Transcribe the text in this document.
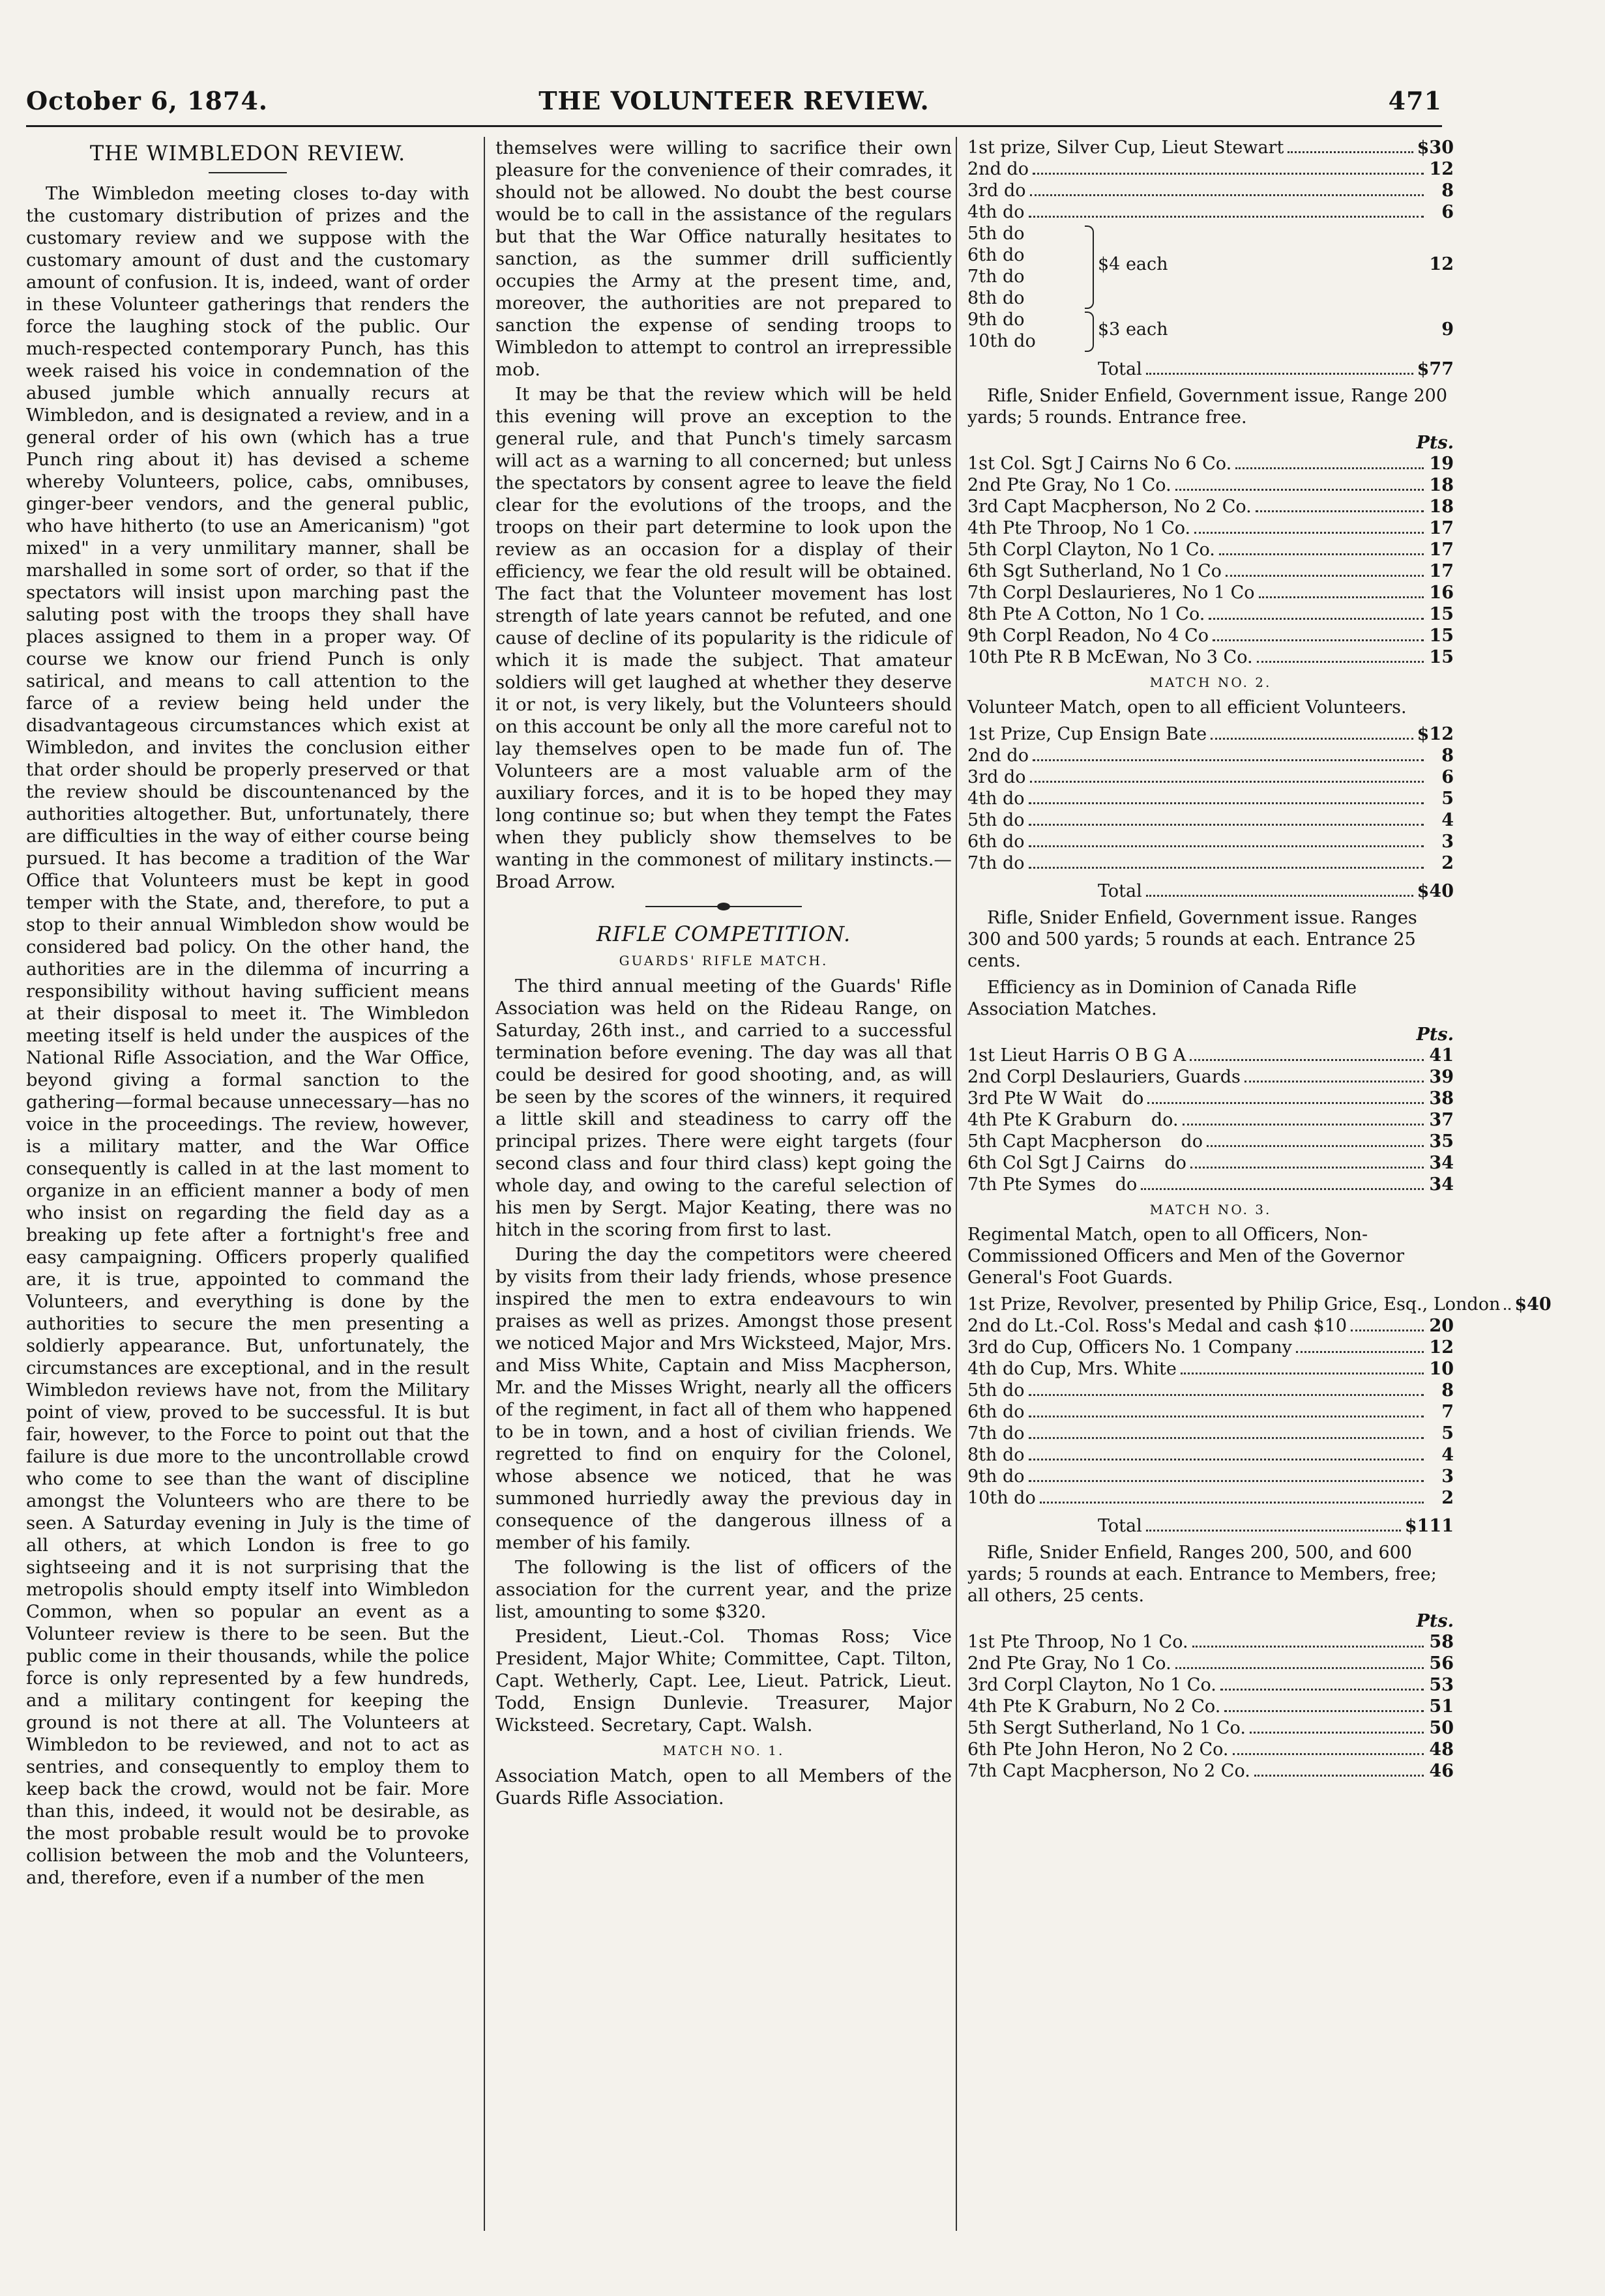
October 6, 1874.	THE VOLUNTEER REVIEW.	471
THE WIMBLEDON REVIEW.

The Wimbledon meeting closes to-day with the customary distribution of prizes and the customary review and we suppose with the customary amount of dust and the customary amount of confusion. It is, indeed, want of order in these Volunteer gatherings that renders the force the laughing stock of the public. Our much-respected contemporary Punch, has this week raised his voice in condemnation of the abused jumble which annually recurs at Wimbledon, and is designated a review, and in a general order of his own (which has a true Punch ring about it) has devised a scheme whereby Volunteers, police, cabs, omnibuses, ginger-beer vendors, and the general public, who have hitherto (to use an Americanism) "got mixed" in a very unmilitary manner, shall be marshalled in some sort of order, so that if the spectators will insist upon marching past the saluting post with the troops they shall have places assigned to them in a proper way. Of course we know our friend Punch is only satirical, and means to call attention to the farce of a review being held under the disadvantageous circumstances which exist at Wimbledon, and invites the conclusion either that order should be properly preserved or that the review should be discountenanced by the authorities altogether. But, unfortunately, there are difficulties in the way of either course being pursued. It has become a tradition of the War Office that Volunteers must be kept in good temper with the State, and, therefore, to put a stop to their annual Wimbledon show would be considered bad policy. On the other hand, the authorities are in the dilemma of incurring a responsibility without having sufficient means at their disposal to meet it. The Wimbledon meeting itself is held under the auspices of the National Rifle Association, and the War Office, beyond giving a formal sanction to the gathering—formal because unnecessary—has no voice in the proceedings. The review, however, is a military matter, and the War Office consequently is called in at the last moment to organize in an efficient manner a body of men who insist on regarding the field day as a breaking up fete after a fortnight's free and easy campaigning. Officers properly qualified are, it is true, appointed to command the Volunteers, and everything is done by the authorities to secure the men presenting a soldierly appearance. But, unfortunately, the circumstances are exceptional, and in the result Wimbledon reviews have not, from the Military point of view, proved to be successful. It is but fair, however, to the Force to point out that the failure is due more to the uncontrollable crowd who come to see than the want of discipline amongst the Volunteers who are there to be seen. A Saturday evening in July is the time of all others, at which London is free to go sightseeing and it is not surprising that the metropolis should empty itself into Wimbledon Common, when so popular an event as a Volunteer review is there to be seen. But the public come in their thousands, while the police force is only represented by a few hundreds, and a military contingent for keeping the ground is not there at all. The Volunteers at Wimbledon to be reviewed, and not to act as sentries, and consequently to employ them to keep back the crowd, would not be fair. More than this, indeed, it would not be desirable, as the most probable result would be to provoke collision between the mob and the Volunteers, and, therefore, even if a number of the men

themselves were willing to sacrifice their own pleasure for the convenience of their comrades, it should not be allowed. No doubt the best course would be to call in the assistance of the regulars but that the War Office naturally hesitates to sanction, as the summer drill sufficiently occupies the Army at the present time, and, moreover, the authorities are not prepared to sanction the expense of sending troops to Wimbledon to attempt to control an irrepressible mob.

It may be that the review which will be held this evening will prove an exception to the general rule, and that Punch's timely sarcasm will act as a warning to all concerned; but unless the spectators by consent agree to leave the field clear for the evolutions of the troops, and the troops on their part determine to look upon the review as an occasion for a display of their efficiency, we fear the old result will be obtained. The fact that the Volunteer movement has lost strength of late years cannot be refuted, and one cause of decline of its popularity is the ridicule of which it is made the subject. That amateur soldiers will get laughed at whether they deserve it or not, is very likely, but the Volunteers should on this account be only all the more careful not to lay themselves open to be made fun of. The Volunteers are a most valuable arm of the auxiliary forces, and it is to be hoped they may long continue so; but when they tempt the Fates when they publicly show themselves to be wanting in the commonest of military instincts.—Broad Arrow.

RIFLE COMPETITION.
GUARDS' RIFLE MATCH.

The third annual meeting of the Guards' Rifle Association was held on the Rideau Range, on Saturday, 26th inst., and carried to a successful termination before evening. The day was all that could be desired for good shooting, and, as will be seen by the scores of the winners, it required a little skill and steadiness to carry off the principal prizes. There were eight targets (four second class and four third class) kept going the whole day, and owing to the careful selection of his men by Sergt. Major Keating, there was no hitch in the scoring from first to last.

During the day the competitors were cheered by visits from their lady friends, whose presence inspired the men to extra endeavours to win praises as well as prizes. Amongst those present we noticed Major and Mrs Wicksteed, Major, Mrs. and Miss White, Captain and Miss Macpherson, Mr. and the Misses Wright, nearly all the officers of the regiment, in fact all of them who happened to be in town, and a host of civilian friends. We regretted to find on enquiry for the Colonel, whose absence we noticed, that he was summoned hurriedly away the previous day in consequence of the dangerous illness of a member of his family.

The following is the list of officers of the association for the current year, and the prize list, amounting to some $320.

President, Lieut.-Col. Thomas Ross; Vice President, Major White; Committee, Capt. Tilton, Capt. Wetherly, Capt. Lee, Lieut. Patrick, Lieut. Todd, Ensign Dunlevie. Treasurer, Major Wicksteed. Secretary, Capt. Walsh.

MATCH NO. 1.

Association Match, open to all Members of the Guards Rifle Association.

1st prize, Silver Cup, Lieut Stewart	$30
2nd do	12
3rd do	8
4th do	6
5th do
6th do
7th do
8th do
$4 each	12
9th do
10th do
$3 each	9
Total	$77
Rifle, Snider Enfield, Government issue, Range 200 yards; 5 rounds. Entrance free.
Pts.
1st Col. Sgt J Cairns No 6 Co.	19
2nd Pte Gray, No 1 Co.	18
3rd Capt Macpherson, No 2 Co.	18
4th Pte Throop, No 1 Co.	17
5th Corpl Clayton, No 1 Co.	17
6th Sgt Sutherland, No 1 Co	17
7th Corpl Deslaurieres, No 1 Co	16
8th Pte A Cotton, No 1 Co.	15
9th Corpl Readon, No 4 Co	15
10th Pte R B McEwan, No 3 Co.	15
MATCH NO. 2.
Volunteer Match, open to all efficient Volunteers.
1st Prize, Cup Ensign Bate	$12
2nd do	8
3rd do	6
4th do	5
5th do	4
6th do	3
7th do	2
Total	$40
Rifle, Snider Enfield, Government issue. Ranges 300 and 500 yards; 5 rounds at each. Entrance 25 cents.
Efficiency as in Dominion of Canada Rifle Association Matches.
Pts.
1st Lieut Harris O B G A	41
2nd Corpl Deslauriers, Guards	39
3rd Pte W Wait do	38
4th Pte K Graburn do.	37
5th Capt Macpherson do	35
6th Col Sgt J Cairns do	34
7th Pte Symes do	34
MATCH NO. 3.
Regimental Match, open to all Officers, Non-Commissioned Officers and Men of the Governor General's Foot Guards.
1st Prize, Revolver, presented by Philip Grice, Esq., London $40
2nd do Lt.-Col. Ross's Medal and cash $10	20
3rd do Cup, Officers No. 1 Company	12
4th do Cup, Mrs. White	10
5th do	8
6th do	7
7th do	5
8th do	4
9th do	3
10th do	2
Total	$111
Rifle, Snider Enfield, Ranges 200, 500, and 600 yards; 5 rounds at each. Entrance to Members, free; all others, 25 cents.
Pts.
1st Pte Throop, No 1 Co.	58
2nd Pte Gray, No 1 Co.	56
3rd Corpl Clayton, No 1 Co.	53
4th Pte K Graburn, No 2 Co.	51
5th Sergt Sutherland, No 1 Co.	50
6th Pte John Heron, No 2 Co.	48
7th Capt Macpherson, No 2 Co.	46
